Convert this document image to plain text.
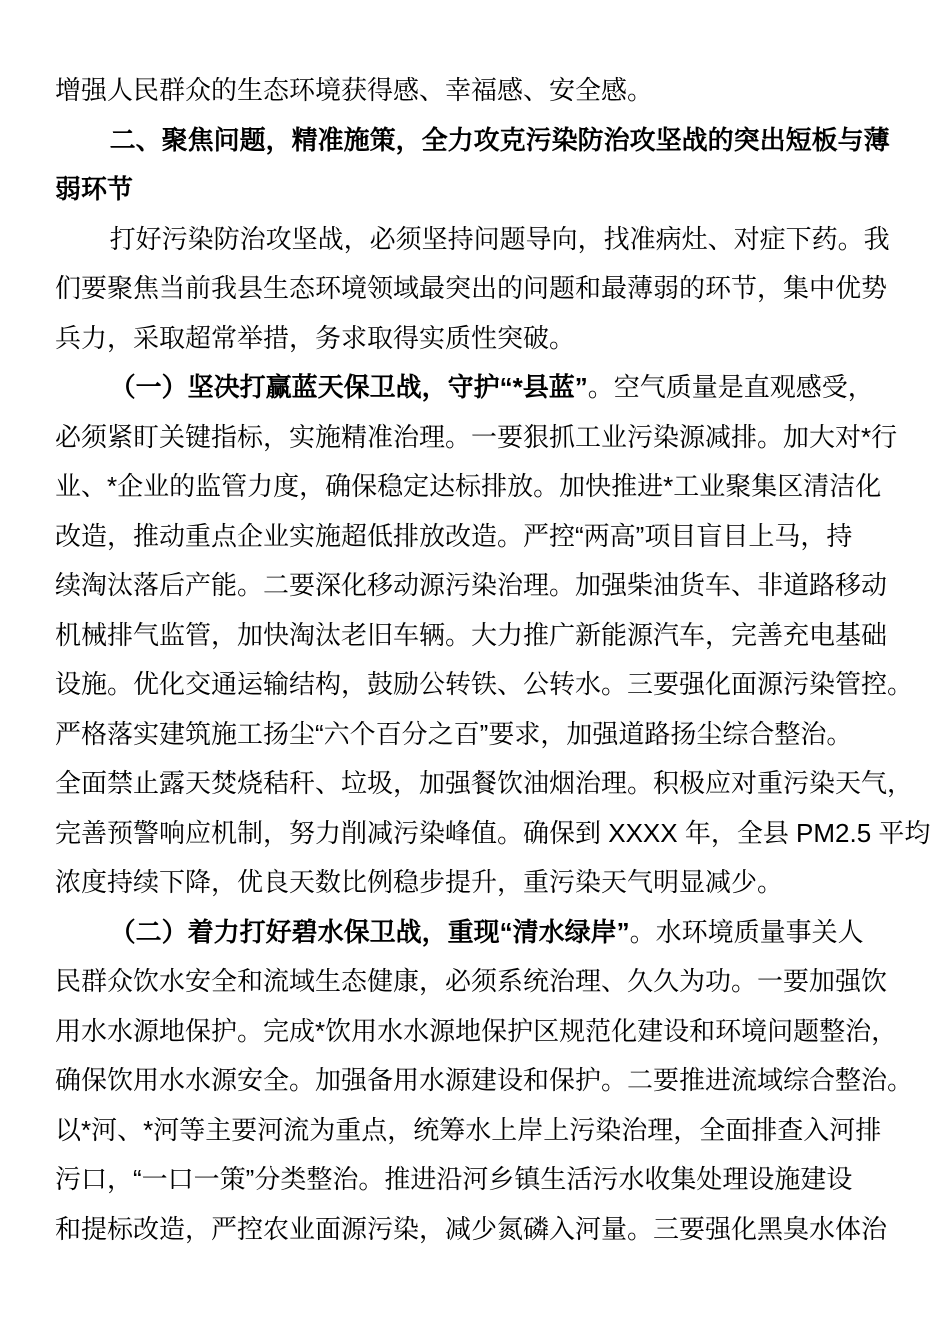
增强人民群众的生态环境获得感、幸福感、安全感。
二、聚焦问题，精准施策，全力攻克污染防治攻坚战的突出短板与薄
弱环节
打好污染防治攻坚战，必须坚持问题导向，找准病灶、对症下药。我
们要聚焦当前我县生态环境领域最突出的问题和最薄弱的环节，集中优势
兵力，采取超常举措，务求取得实质性突破。
（一）坚决打赢蓝天保卫战，守护“*县蓝”。空气质量是直观感受，
必须紧盯关键指标，实施精准治理。一要狠抓工业污染源减排。加大对*行
业、*企业的监管力度，确保稳定达标排放。加快推进*工业聚集区清洁化
改造，推动重点企业实施超低排放改造。严控“两高”项目盲目上马，持
续淘汰落后产能。二要深化移动源污染治理。加强柴油货车、非道路移动
机械排气监管，加快淘汰老旧车辆。大力推广新能源汽车，完善充电基础
设施。优化交通运输结构，鼓励公转铁、公转水。三要强化面源污染管控。
严格落实建筑施工扬尘“六个百分之百”要求，加强道路扬尘综合整治。
全面禁止露天焚烧秸秆、垃圾，加强餐饮油烟治理。积极应对重污染天气，
完善预警响应机制，努力削减污染峰值。确保到 XXXX 年，全县 PM2.5 平均
浓度持续下降，优良天数比例稳步提升，重污染天气明显减少。
（二）着力打好碧水保卫战，重现“清水绿岸”。水环境质量事关人
民群众饮水安全和流域生态健康，必须系统治理、久久为功。一要加强饮
用水水源地保护。完成*饮用水水源地保护区规范化建设和环境问题整治，
确保饮用水水源安全。加强备用水源建设和保护。二要推进流域综合整治。
以*河、*河等主要河流为重点，统筹水上岸上污染治理，全面排查入河排
污口，“一口一策”分类整治。推进沿河乡镇生活污水收集处理设施建设
和提标改造，严控农业面源污染，减少氮磷入河量。三要强化黑臭水体治
